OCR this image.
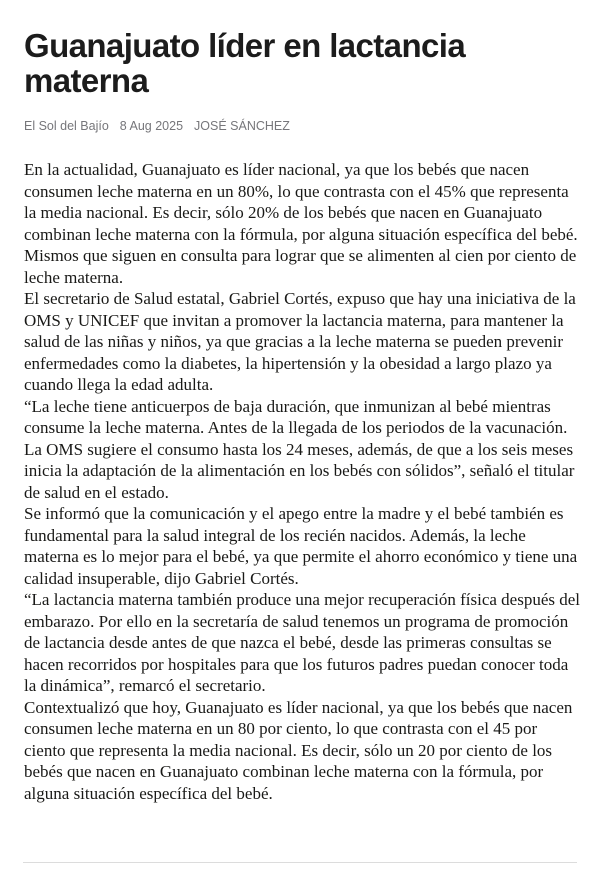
Guanajuato líder en lactancia materna
El Sol del Bajío 8 Aug 2025 JOSÉ SÁNCHEZ

En la actualidad, Guanajuato es líder nacional, ya que los bebés que nacen consumen leche materna en un 80%, lo que contrasta con el 45% que representa la media nacional. Es decir, sólo 20% de los bebés que nacen en Guanajuato combinan leche materna con la fórmula, por alguna situación específica del bebé. Mismos que siguen en consulta para lograr que se alimenten al cien por ciento de leche materna.

El secretario de Salud estatal, Gabriel Cortés, expuso que hay una iniciativa de la OMS y UNICEF que invitan a promover la lactancia materna, para mantener la salud de las niñas y niños, ya que gracias a la leche materna se pueden prevenir enfermedades como la diabetes, la hipertensión y la obesidad a largo plazo ya cuando llega la edad adulta.

“La leche tiene anticuerpos de baja duración, que inmunizan al bebé mientras consume la leche materna. Antes de la llegada de los periodos de la vacunación. La OMS sugiere el consumo hasta los 24 meses, además, de que a los seis meses inicia la adaptación de la alimentación en los bebés con sólidos”, señaló el titular de salud en el estado.

Se informó que la comunicación y el apego entre la madre y el bebé también es fundamental para la salud integral de los recién nacidos. Además, la leche materna es lo mejor para el bebé, ya que permite el ahorro económico y tiene una calidad insuperable, dijo Gabriel Cortés.

“La lactancia materna también produce una mejor recuperación física después del embarazo. Por ello en la secretaría de salud tenemos un programa de promoción de lactancia desde antes de que nazca el bebé, desde las primeras consultas se hacen recorridos por hospitales para que los futuros padres puedan conocer toda la dinámica”, remarcó el secretario.

Contextualizó que hoy, Guanajuato es líder nacional, ya que los bebés que nacen consumen leche materna en un 80 por ciento, lo que contrasta con el 45 por ciento que representa la media nacional. Es decir, sólo un 20 por ciento de los bebés que nacen en Guanajuato combinan leche materna con la fórmula, por alguna situación específica del bebé.
